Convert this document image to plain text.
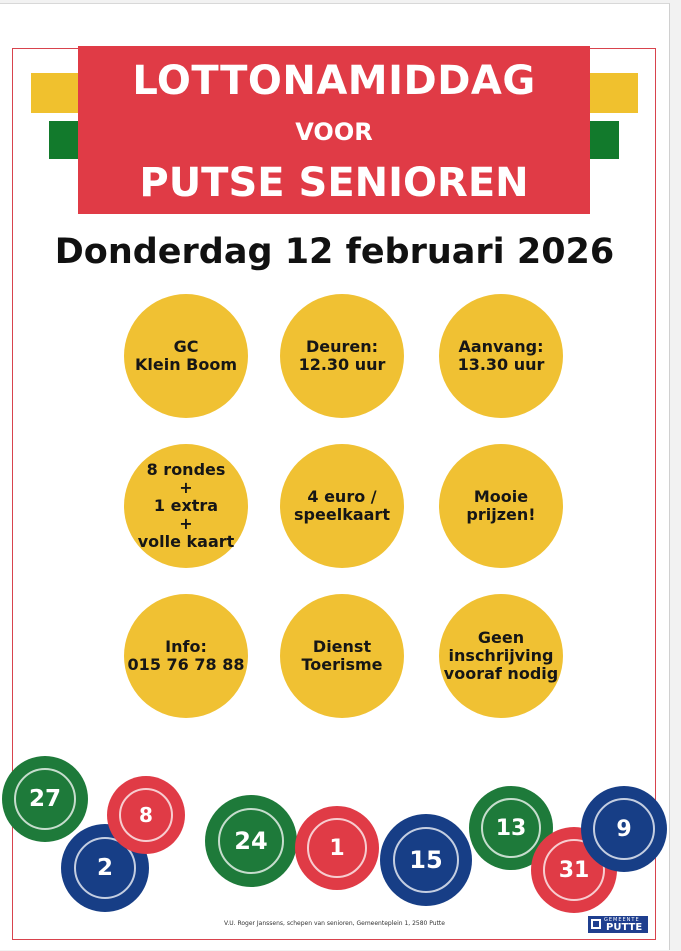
LOTTONAMIDDAG
VOOR
PUTSE SENIOREN
Donderdag 12 februari 2026
GC
Klein Boom
Deuren:
12.30 uur
Aanvang:
13.30 uur
8 rondes
+
1 extra
+
volle kaart
4 euro /
speelkaart
Mooie
prijzen!
Info:
015 76 78 88
Dienst
Toerisme
Geen
inschrijving
vooraf nodig
27
2
8
24	1	15
13
31
9
V.U. Roger Janssens, schepen van senioren, Gemeenteplein 1, 2580 Putte	GEMEENTE
PUTTE
